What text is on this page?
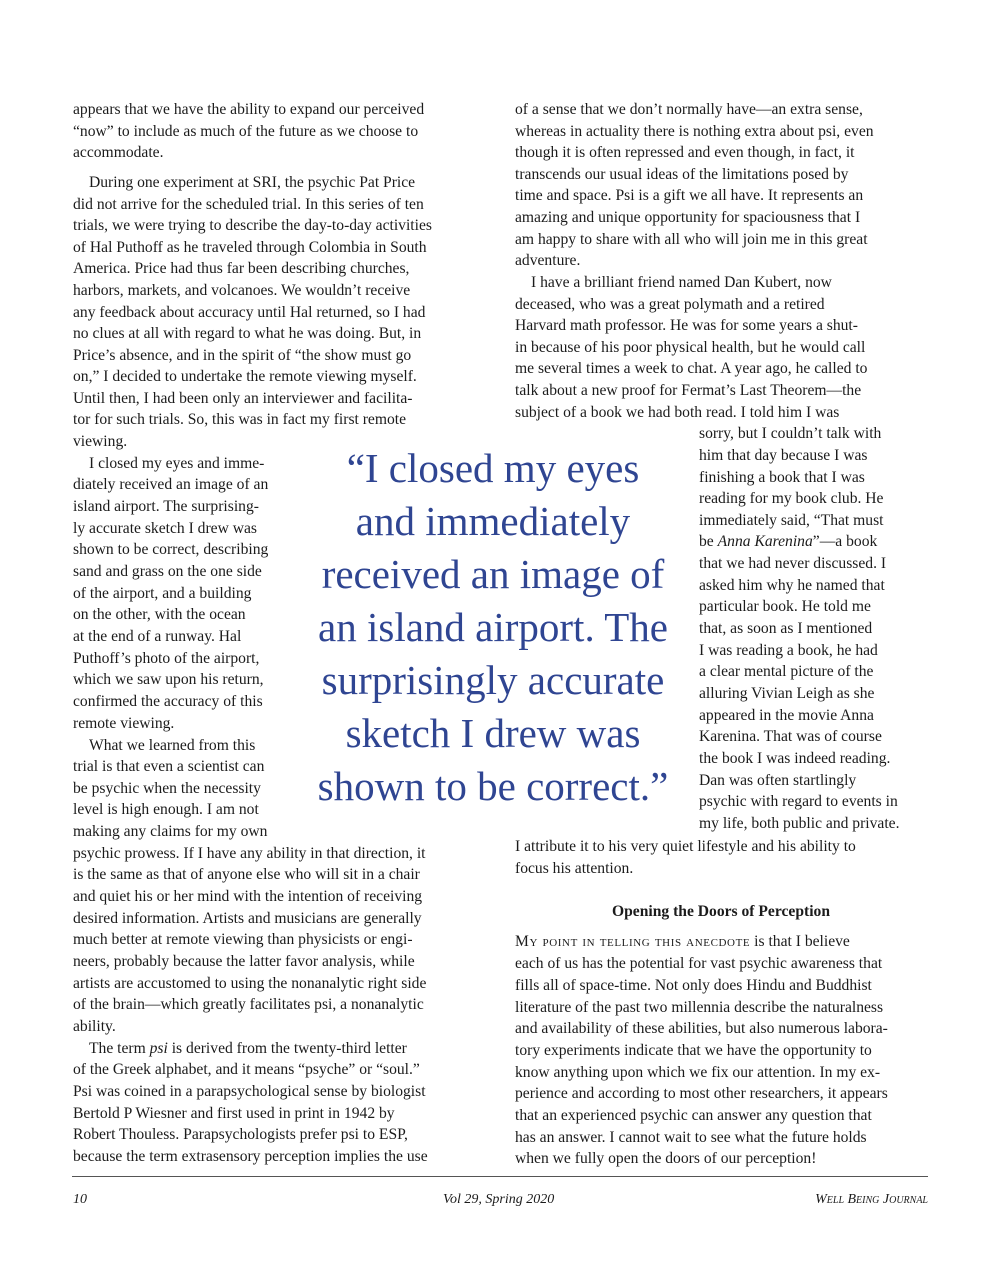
appears that we have the ability to expand our perceived
“now” to include as much of the future as we choose to
accommodate.
During one experiment at SRI, the psychic Pat Price
did not arrive for the scheduled trial. In this series of ten
trials, we were trying to describe the day-to-day activities
of Hal Puthoff as he traveled through Colombia in South
America. Price had thus far been describing churches,
harbors, markets, and volcanoes. We wouldn’t receive
any feedback about accuracy until Hal returned, so I had
no clues at all with regard to what he was doing. But, in
Price’s absence, and in the spirit of “the show must go
on,” I decided to undertake the remote viewing myself.
Until then, I had been only an interviewer and facilita-
tor for such trials. So, this was in fact my first remote
viewing.
I closed my eyes and imme-
diately received an image of an
island airport. The surprising-
ly accurate sketch I drew was
shown to be correct, describing
sand and grass on the one side
of the airport, and a building
on the other, with the ocean
at the end of a runway. Hal
Puthoff’s photo of the airport,
which we saw upon his return,
confirmed the accuracy of this
remote viewing.
What we learned from this
trial is that even a scientist can
be psychic when the necessity
level is high enough. I am not
making any claims for my own
psychic prowess. If I have any ability in that direction, it
is the same as that of anyone else who will sit in a chair
and quiet his or her mind with the intention of receiving
desired information. Artists and musicians are generally
much better at remote viewing than physicists or engi-
neers, probably because the latter favor analysis, while
artists are accustomed to using the nonanalytic right side
of the brain—which greatly facilitates psi, a nonanalytic
ability.
The term psi is derived from the twenty-third letter
of the Greek alphabet, and it means “psyche” or “soul.”
Psi was coined in a parapsychological sense by biologist
Bertold P Wiesner and first used in print in 1942 by
Robert Thouless. Parapsychologists prefer psi to ESP,
because the term extrasensory perception implies the use
of a sense that we don’t normally have—an extra sense,
whereas in actuality there is nothing extra about psi, even
though it is often repressed and even though, in fact, it
transcends our usual ideas of the limitations posed by
time and space. Psi is a gift we all have. It represents an
amazing and unique opportunity for spaciousness that I
am happy to share with all who will join me in this great
adventure.
I have a brilliant friend named Dan Kubert, now
deceased, who was a great polymath and a retired
Harvard math professor. He was for some years a shut-
in because of his poor physical health, but he would call
me several times a week to chat. A year ago, he called to
talk about a new proof for Fermat’s Last Theorem—the
subject of a book we had both read. I told him I was
sorry, but I couldn’t talk with
him that day because I was
finishing a book that I was
reading for my book club. He
immediately said, “That must
be Anna Karenina”—a book
that we had never discussed. I
asked him why he named that
particular book. He told me
that, as soon as I mentioned
I was reading a book, he had
a clear mental picture of the
alluring Vivian Leigh as she
appeared in the movie Anna
Karenina. That was of course
the book I was indeed reading.
Dan was often startlingly
psychic with regard to events in
my life, both public and private.
I attribute it to his very quiet lifestyle and his ability to
focus his attention.
Opening the Doors of Perception
My point in telling this anecdote is that I believe
each of us has the potential for vast psychic awareness that
fills all of space-time. Not only does Hindu and Buddhist
literature of the past two millennia describe the naturalness
and availability of these abilities, but also numerous labora-
tory experiments indicate that we have the opportunity to
know anything upon which we fix our attention. In my ex-
perience and according to most other researchers, it appears
that an experienced psychic can answer any question that
has an answer. I cannot wait to see what the future holds
when we fully open the doors of our perception!
“I closed my eyes
and immediately
received an image of
an island airport. The
surprisingly accurate
sketch I drew was
shown to be correct.”
10	Vol 29, Spring 2020	Well Being Journal
